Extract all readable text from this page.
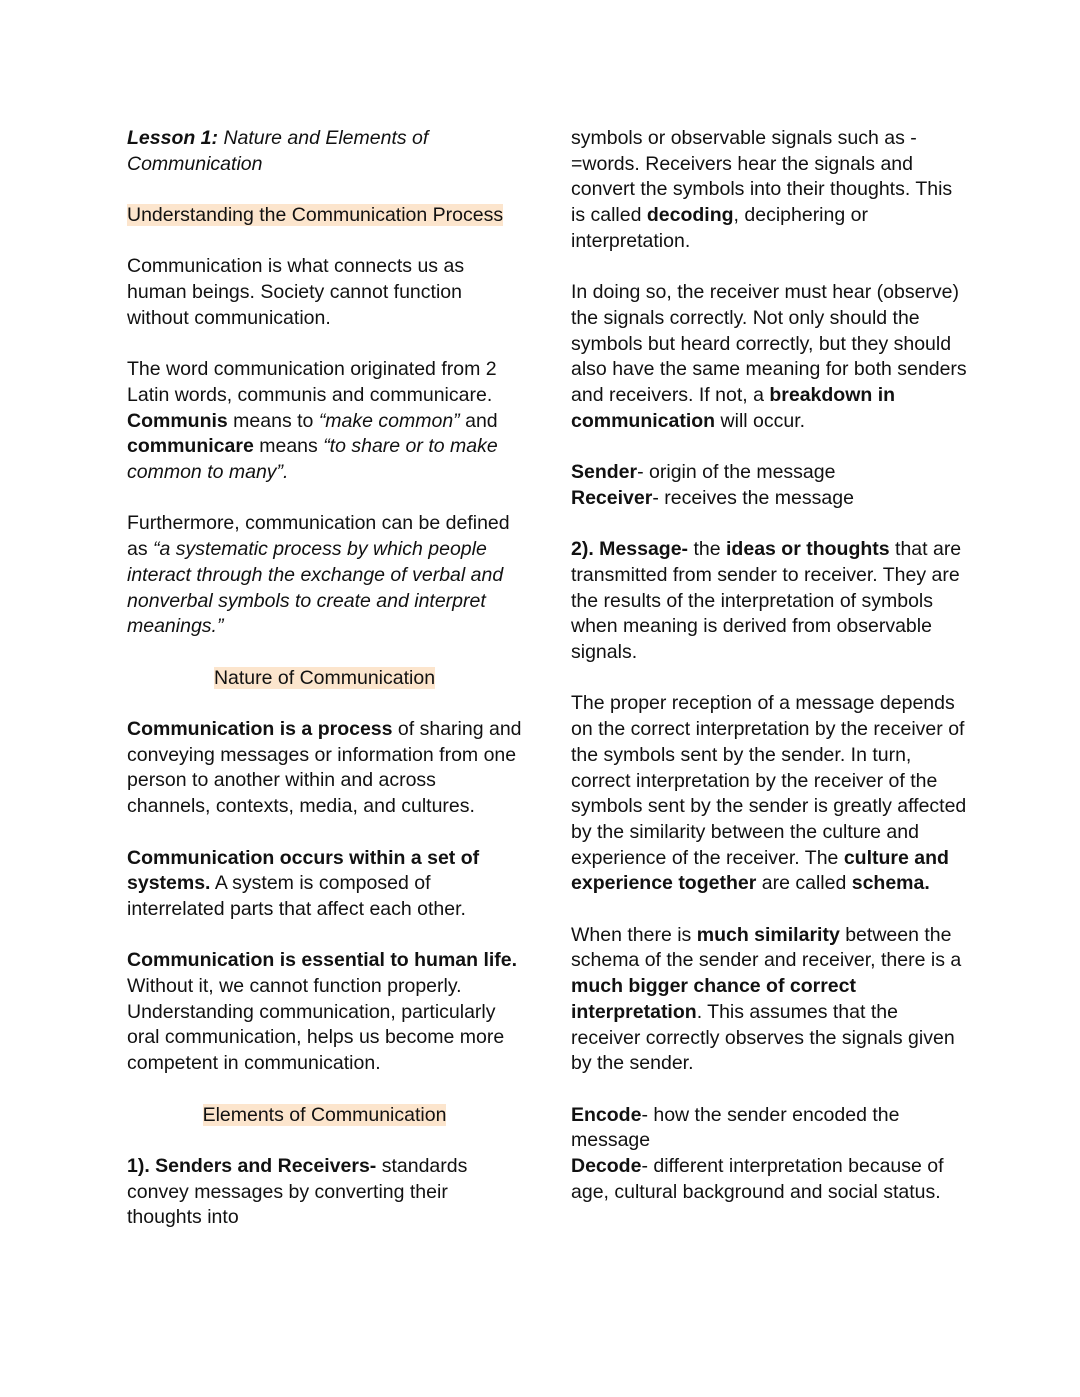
Lesson 1: Nature and Elements of Communication

Understanding the Communication Process

Communication is what connects us as human beings. Society cannot function without communication.

The word communication originated from 2 Latin words, communis and communicare. Communis means to “make common” and communicare means “to share or to make common to many”.

Furthermore, communication can be defined as “a systematic process by which people interact through the exchange of verbal and nonverbal symbols to create and interpret meanings.”

Nature of Communication

Communication is a process of sharing and conveying messages or information from one person to another within and across channels, contexts, media, and cultures.

Communication occurs within a set of systems. A system is composed of interrelated parts that affect each other.

Communication is essential to human life. Without it, we cannot function properly. Understanding communication, particularly oral communication, helps us become more competent in communication.

Elements of Communication

1). Senders and Receivers- standards convey messages by converting their thoughts into

symbols or observable signals such as -=words. Receivers hear the signals and convert the symbols into their thoughts. This is called decoding, deciphering or interpretation.

In doing so, the receiver must hear (observe) the signals correctly. Not only should the symbols but heard correctly, but they should also have the same meaning for both senders and receivers. If not, a breakdown in communication will occur.

Sender- origin of the message
Receiver- receives the message

2). Message- the ideas or thoughts that are transmitted from sender to receiver. They are the results of the interpretation of symbols when meaning is derived from observable signals.

The proper reception of a message depends on the correct interpretation by the receiver of the symbols sent by the sender. In turn, correct interpretation by the receiver of the symbols sent by the sender is greatly affected by the similarity between the culture and experience of the receiver. The culture and experience together are called schema.

When there is much similarity between the schema of the sender and receiver, there is a much bigger chance of correct interpretation. This assumes that the receiver correctly observes the signals given by the sender.

Encode- how the sender encoded the message
Decode- different interpretation because of age, cultural background and social status.
